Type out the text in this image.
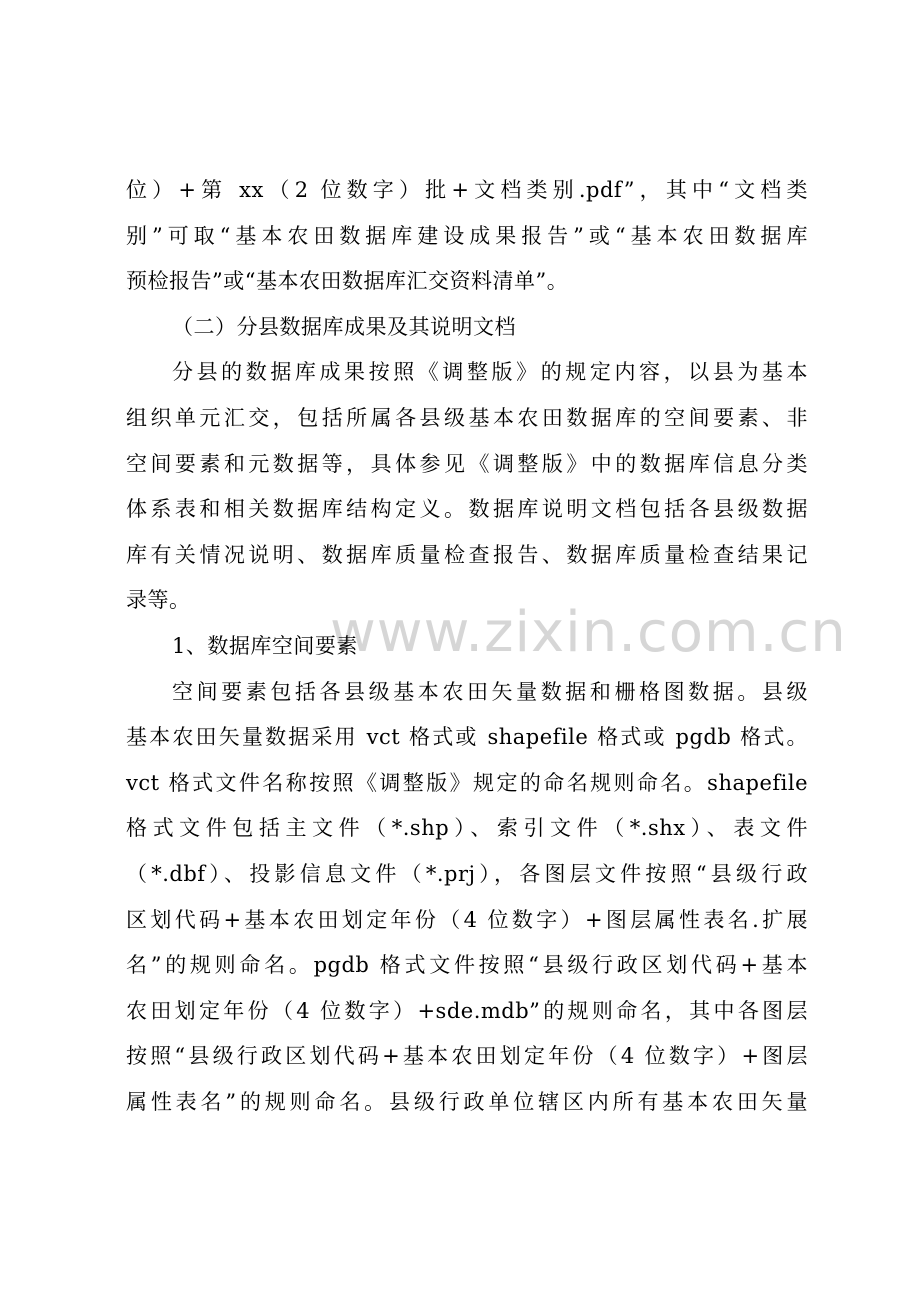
www.zixin.com.cn

位）+第 xx（2 位数字）批+文档类别.pdf”，其中“文档类
别”可取“基本农田数据库建设成果报告”或“基本农田数据库
预检报告”或“基本农田数据库汇交资料清单”。

（二）分县数据库成果及其说明文档

分县的数据库成果按照《调整版》的规定内容，以县为基本
组织单元汇交，包括所属各县级基本农田数据库的空间要素、非
空间要素和元数据等，具体参见《调整版》中的数据库信息分类
体系表和相关数据库结构定义。数据库说明文档包括各县级数据
库有关情况说明、数据库质量检查报告、数据库质量检查结果记
录等。

1、数据库空间要素

空间要素包括各县级基本农田矢量数据和栅格图数据。县级
基本农田矢量数据采用 vct 格式或 shapefile 格式或 pgdb 格式。
vct 格式文件名称按照《调整版》规定的命名规则命名。shapefile
格式文件包括主文件（*.shp）、索引文件（*.shx）、表文件
（*.dbf）、投影信息文件（*.prj），各图层文件按照“县级行政
区划代码+基本农田划定年份（4 位数字）+图层属性表名.扩展
名”的规则命名。pgdb 格式文件按照“县级行政区划代码+基本
农田划定年份（4 位数字）+sde.mdb”的规则命名，其中各图层
按照“县级行政区划代码+基本农田划定年份（4 位数字）+图层
属性表名”的规则命名。县级行政单位辖区内所有基本农田矢量
